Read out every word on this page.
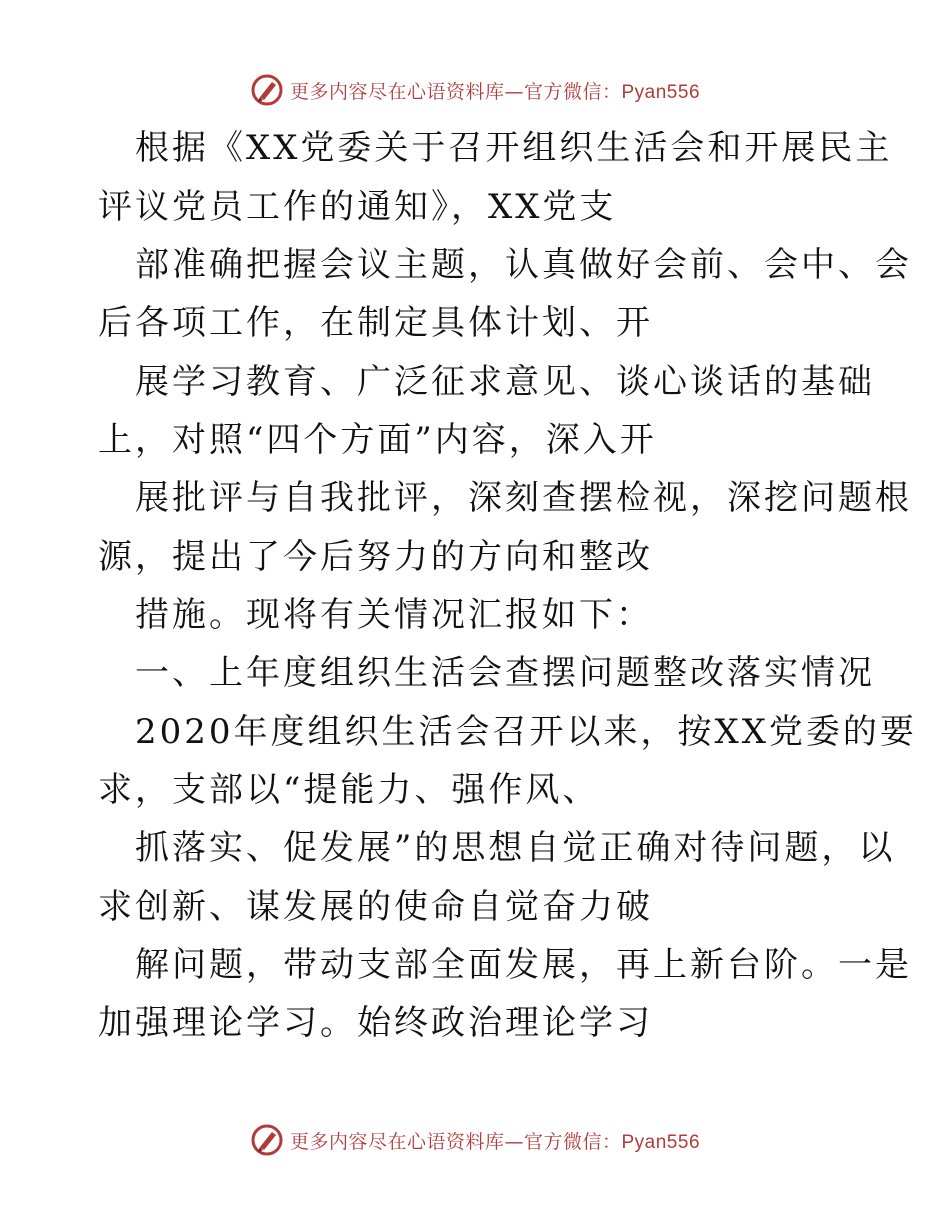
更多内容尽在心语资料库—官方微信：Pyan556
根据《XX党委关于召开组织生活会和开展民主
评议党员工作的通知》，XX党支
部准确把握会议主题，认真做好会前、会中、会
后各项工作，在制定具体计划、开
展学习教育、广泛征求意见、谈心谈话的基础
上，对照“四个方面”内容，深入开
展批评与自我批评，深刻查摆检视，深挖问题根
源，提出了今后努力的方向和整改
措施。现将有关情况汇报如下：
一、上年度组织生活会查摆问题整改落实情况
2020年度组织生活会召开以来，按XX党委的要
求，支部以“提能力、强作风、
抓落实、促发展”的思想自觉正确对待问题，以
求创新、谋发展的使命自觉奋力破
解问题，带动支部全面发展，再上新台阶。一是
加强理论学习。始终政治理论学习
更多内容尽在心语资料库—官方微信：Pyan556
